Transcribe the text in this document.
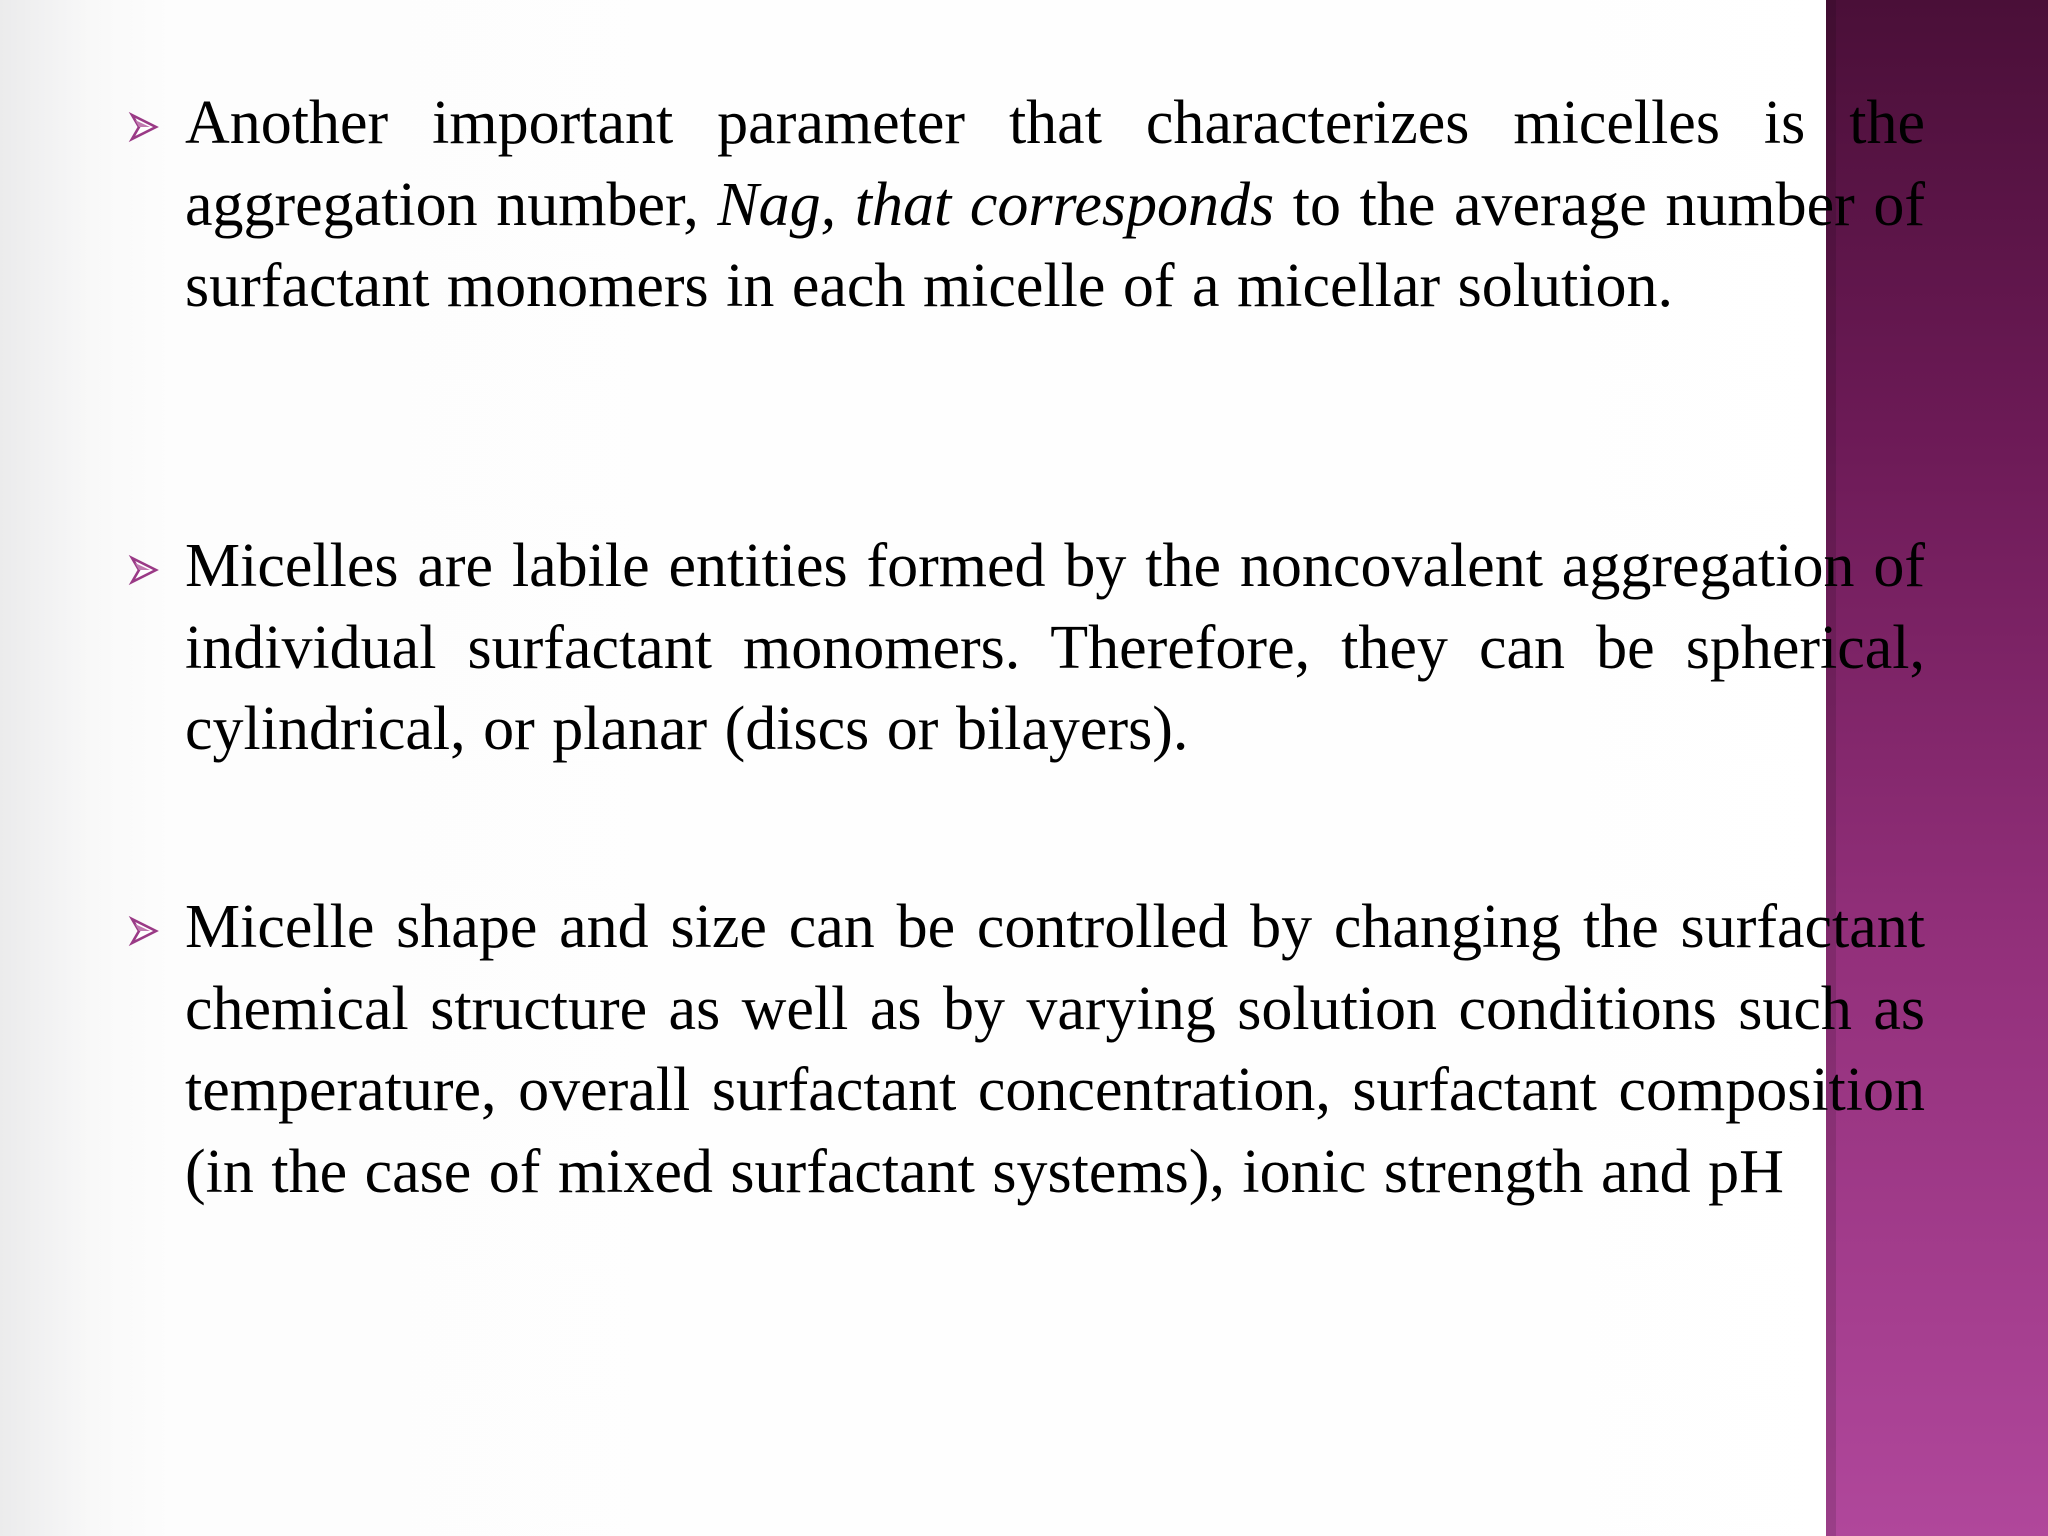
Another important parameter that characterizes micelles is the aggregation number, Nag, that corresponds to the average number of surfactant monomers in each micelle of a micellar solution.

Micelles are labile entities formed by the noncovalent aggregation of individual surfactant monomers. Therefore, they can be spherical, cylindrical, or planar (discs or bilayers).

Micelle shape and size can be controlled by changing the surfactant chemical structure as well as by varying solution conditions such as temperature, overall surfactant concentration, surfactant composition (in the case of mixed surfactant systems), ionic strength and pH
